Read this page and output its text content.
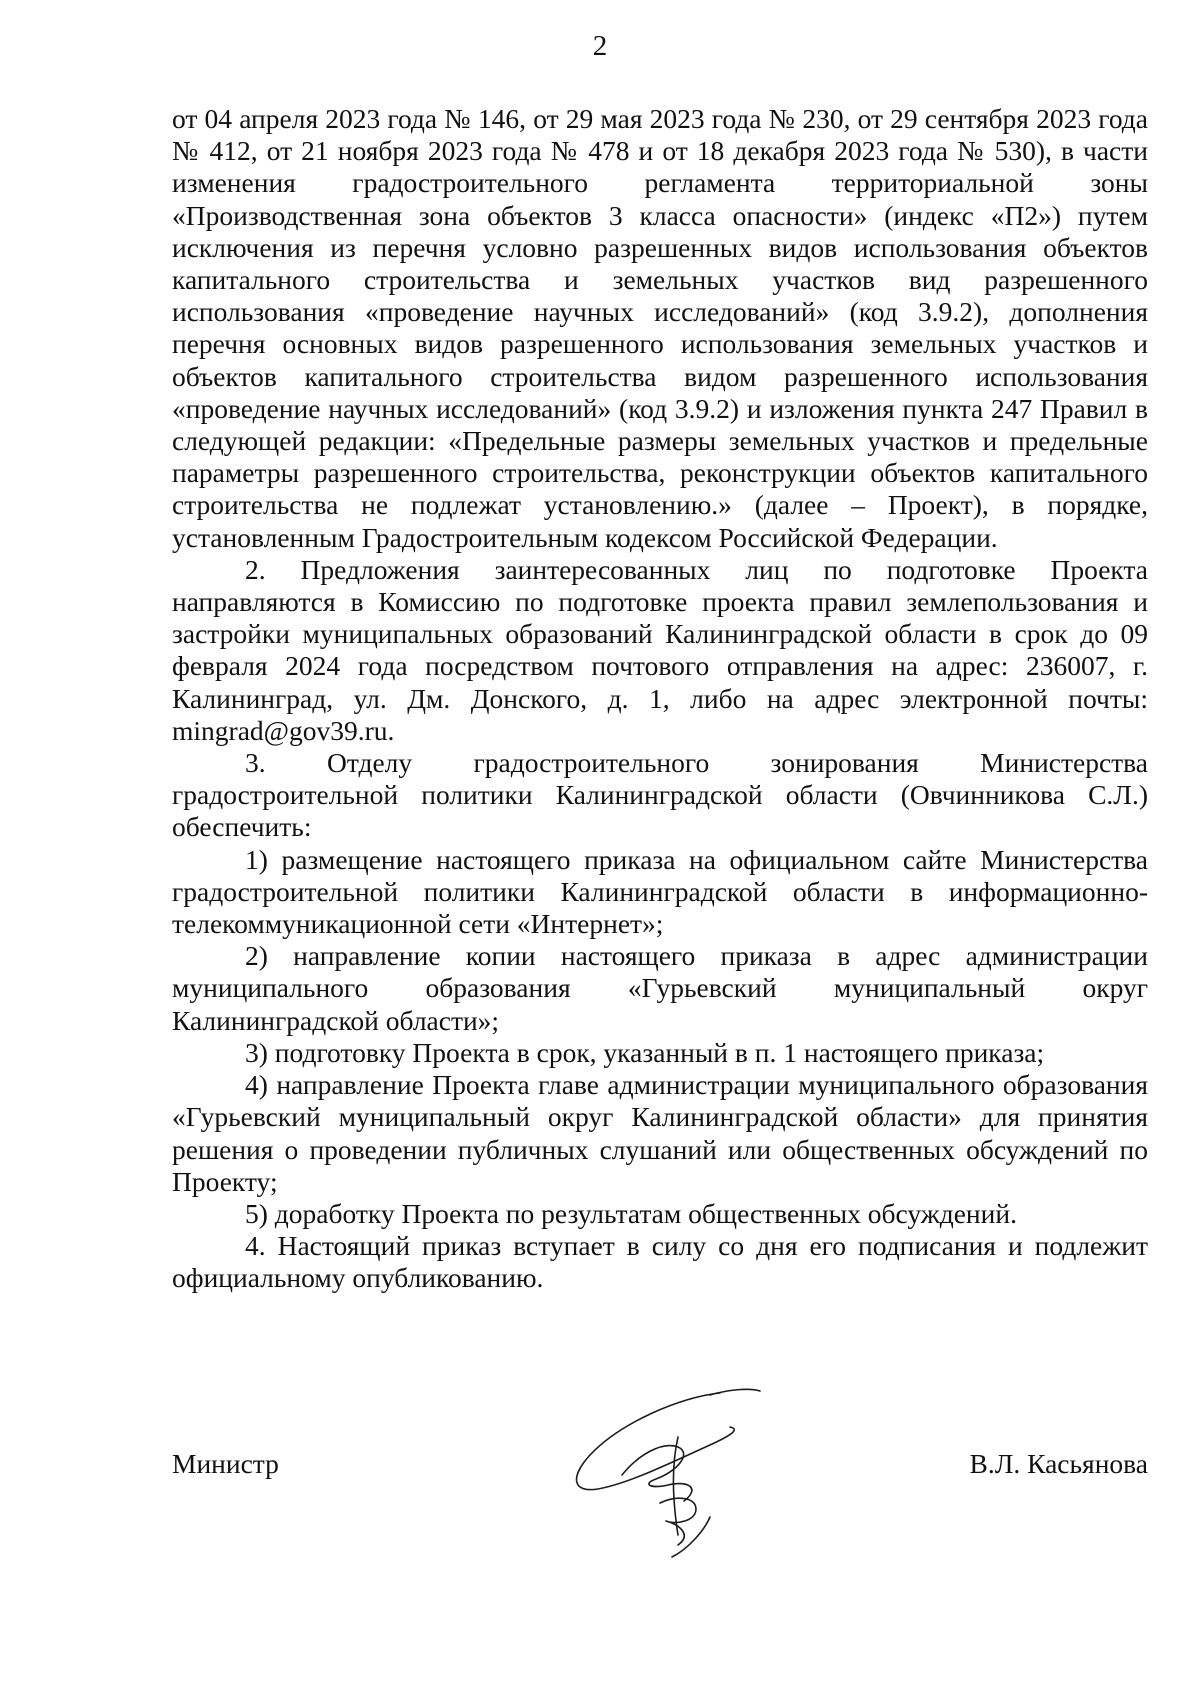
2

от 04 апреля 2023 года № 146, от 29 мая 2023 года № 230, от 29 сентября 2023 года № 412, от 21 ноября 2023 года № 478 и от 18 декабря 2023 года № 530), в части изменения градостроительного регламента территориальной зоны «Производственная зона объектов 3 класса опасности» (индекс «П2») путем исключения из перечня условно разрешенных видов использования объектов капитального строительства и земельных участков вид разрешенного использования «проведение научных исследований» (код 3.9.2), дополнения перечня основных видов разрешенного использования земельных участков и объектов капитального строительства видом разрешенного использования «проведение научных исследований» (код 3.9.2) и изложения пункта 247 Правил в следующей редакции: «Предельные размеры земельных участков и предельные параметры разрешенного строительства, реконструкции объектов капитального строительства не подлежат установлению.» (далее – Проект), в порядке, установленным Градостроительным кодексом Российской Федерации.

2. Предложения заинтересованных лиц по подготовке Проекта направляются в Комиссию по подготовке проекта правил землепользования и застройки муниципальных образований Калининградской области в срок до 09 февраля 2024 года посредством почтового отправления на адрес: 236007, г. Калининград, ул. Дм. Донского, д. 1, либо на адрес электронной почты: mingrad@gov39.ru.

3. Отделу градостроительного зонирования Министерства градостроительной политики Калининградской области (Овчинникова С.Л.) обеспечить:

1) размещение настоящего приказа на официальном сайте Министерства градостроительной политики Калининградской области в информационно-телекоммуникационной сети «Интернет»;

2) направление копии настоящего приказа в адрес администрации муниципального образования «Гурьевский муниципальный округ Калининградской области»;

3) подготовку Проекта в срок, указанный в п. 1 настоящего приказа;

4) направление Проекта главе администрации муниципального образования «Гурьевский муниципальный округ Калининградской области» для принятия решения о проведении публичных слушаний или общественных обсуждений по Проекту;

5) доработку Проекта по результатам общественных обсуждений.

4. Настоящий приказ вступает в силу со дня его подписания и подлежит официальному опубликованию.

Министр	В.Л. Касьянова
